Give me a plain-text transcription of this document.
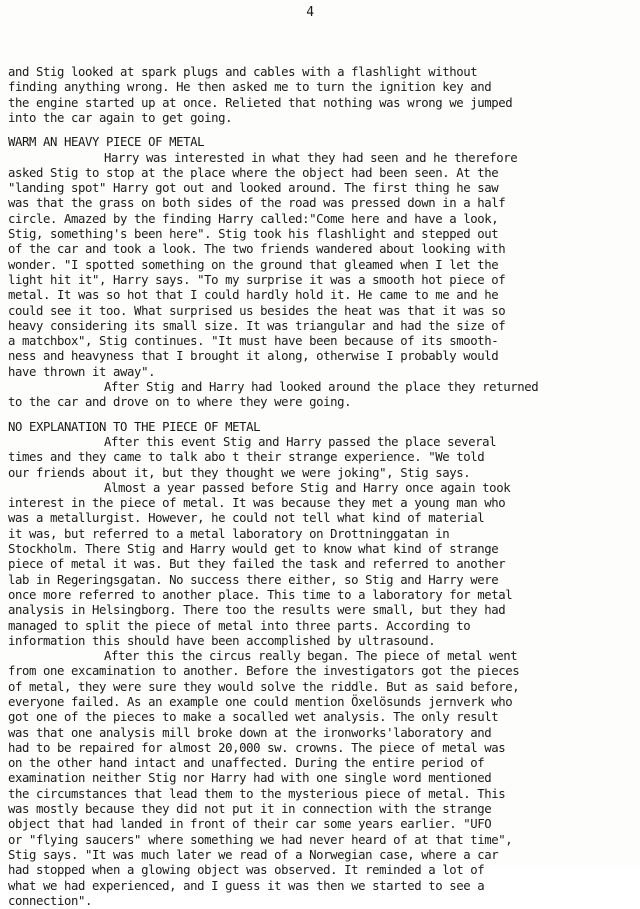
4
and Stig looked at spark plugs and cables with a flashlight without
finding anything wrong. He then asked me to turn the ignition key and
the engine started up at once. Relieted that nothing was wrong we jumped
into the car again to get going.
WARM AN HEAVY PIECE OF METAL
Harry was interested in what they had seen and he therefore
asked Stig to stop at the place where the object had been seen. At the
"landing spot" Harry got out and looked around. The first thing he saw
was that the grass on both sides of the road was pressed down in a half
circle. Amazed by the finding Harry called:"Come here and have a look,
Stig, something's been here". Stig took his flashlight and stepped out
of the car and took a look. The two friends wandered about looking with
wonder. "I spotted something on the ground that gleamed when I let the
light hit it", Harry says. "To my surprise it was a smooth hot piece of
metal. It was so hot that I could hardly hold it. He came to me and he
could see it too. What surprised us besides the heat was that it was so
heavy considering its small size. It was triangular and had the size of
a matchbox", Stig continues. "It must have been because of its smooth-
ness and heavyness that I brought it along, otherwise I probably would
have thrown it away".
After Stig and Harry had looked around the place they returned
to the car and drove on to where they were going.
NO EXPLANATION TO THE PIECE OF METAL
After this event Stig and Harry passed the place several
times and they came to talk abo t their strange experience. "We told
our friends about it, but they thought we were joking", Stig says.
Almost a year passed before Stig and Harry once again took
interest in the piece of metal. It was because they met a young man who
was a metallurgist. However, he could not tell what kind of material
it was, but referred to a metal laboratory on Drottninggatan in
Stockholm. There Stig and Harry would get to know what kind of strange
piece of metal it was. But they failed the task and referred to another
lab in Regeringsgatan. No success there either, so Stig and Harry were
once more referred to another place. This time to a laboratory for metal
analysis in Helsingborg. There too the results were small, but they had
managed to split the piece of metal into three parts. According to
information this should have been accomplished by ultrasound.
After this the circus really began. The piece of metal went
from one excamination to another. Before the investigators got the pieces
of metal, they were sure they would solve the riddle. But as said before,
everyone failed. As an example one could mention Öxelösunds jernverk who
got one of the pieces to make a socalled wet analysis. The only result
was that one analysis mill broke down at the ironworks'laboratory and
had to be repaired for almost 20,000 sw. crowns. The piece of metal was
on the other hand intact and unaffected. During the entire period of
examination neither Stig nor Harry had with one single word mentioned
the circumstances that lead them to the mysterious piece of metal. This
was mostly because they did not put it in connection with the strange
object that had landed in front of their car some years earlier. "UFO
or "flying saucers" where something we had never heard of at that time",
Stig says. "It was much later we read of a Norwegian case, where a car
had stopped when a glowing object was observed. It reminded a lot of
what we had experienced, and I guess it was then we started to see a
connection".
